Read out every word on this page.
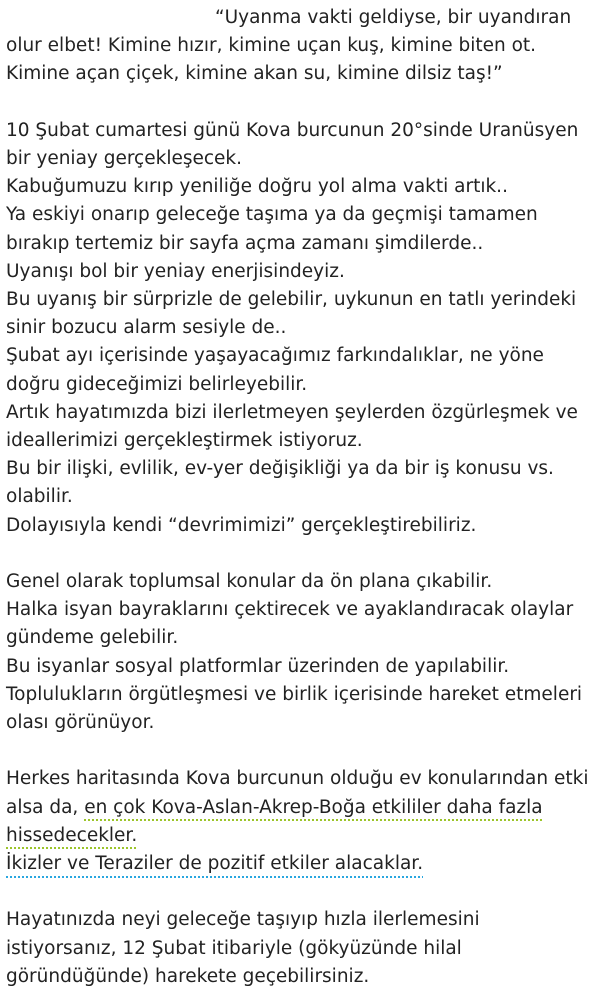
“Uyanma vakti geldiyse, bir uyandıran
olur elbet! Kimine hızır, kimine uçan kuş, kimine biten ot.
Kimine açan çiçek, kimine akan su, kimine dilsiz taş!”
10 Şubat cumartesi günü Kova burcunun 20°sinde Uranüsyen
bir yeniay gerçekleşecek.
Kabuğumuzu kırıp yeniliğe doğru yol alma vakti artık..
Ya eskiyi onarıp geleceğe taşıma ya da geçmişi tamamen
bırakıp tertemiz bir sayfa açma zamanı şimdilerde..
Uyanışı bol bir yeniay enerjisindeyiz.
Bu uyanış bir sürprizle de gelebilir, uykunun en tatlı yerindeki
sinir bozucu alarm sesiyle de..
Şubat ayı içerisinde yaşayacağımız farkındalıklar, ne yöne
doğru gideceğimizi belirleyebilir.
Artık hayatımızda bizi ilerletmeyen şeylerden özgürleşmek ve
ideallerimizi gerçekleştirmek istiyoruz.
Bu bir ilişki, evlilik, ev-yer değişikliği ya da bir iş konusu vs.
olabilir.
Dolayısıyla kendi “devrimimizi” gerçekleştirebiliriz.
Genel olarak toplumsal konular da ön plana çıkabilir.
Halka isyan bayraklarını çektirecek ve ayaklandıracak olaylar
gündeme gelebilir.
Bu isyanlar sosyal platformlar üzerinden de yapılabilir.
Toplulukların örgütleşmesi ve birlik içerisinde hareket etmeleri
olası görünüyor.
Herkes haritasında Kova burcunun olduğu ev konularından etki
alsa da, en çok Kova-Aslan-Akrep-Boğa etkililer daha fazla
hissedecekler.
İkizler ve Teraziler de pozitif etkiler alacaklar.
Hayatınızda neyi geleceğe taşıyıp hızla ilerlemesini
istiyorsanız, 12 Şubat itibariyle (gökyüzünde hilal
göründüğünde) harekete geçebilirsiniz.
